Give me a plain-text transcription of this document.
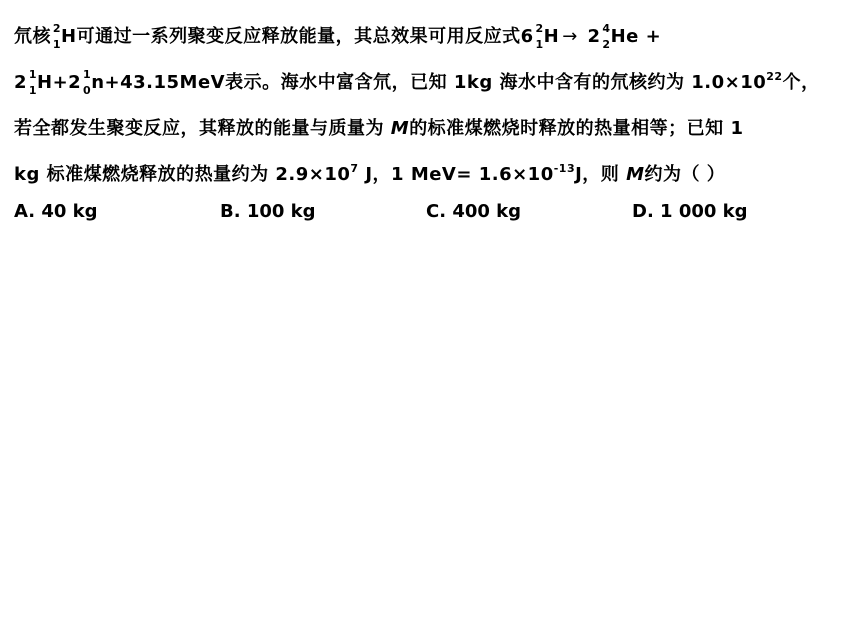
氘核 2
1 H可通过一系列聚变反应释放能量，其总效果可用反应式6 2
1 H → 2 4
2 He +

2 1
1 H+2 1
0 n+43.15MeV表示。海水中富含氘，已知 1kg 海水中含有的氘核约为 $1.0\times 10^{22}$个，

若全都发生聚变反应，其释放的能量与质量为 M的标准煤燃烧时释放的热量相等；已知 1

kg 标准煤燃烧释放的热量约为 $2.9\times 10^7$ J，1 $MeV= 1.6\times 10^{-13}J$，则 M约为（ ）

A. 40 kg	B. 100 kg	C. 400 kg	D. 1 000 kg
